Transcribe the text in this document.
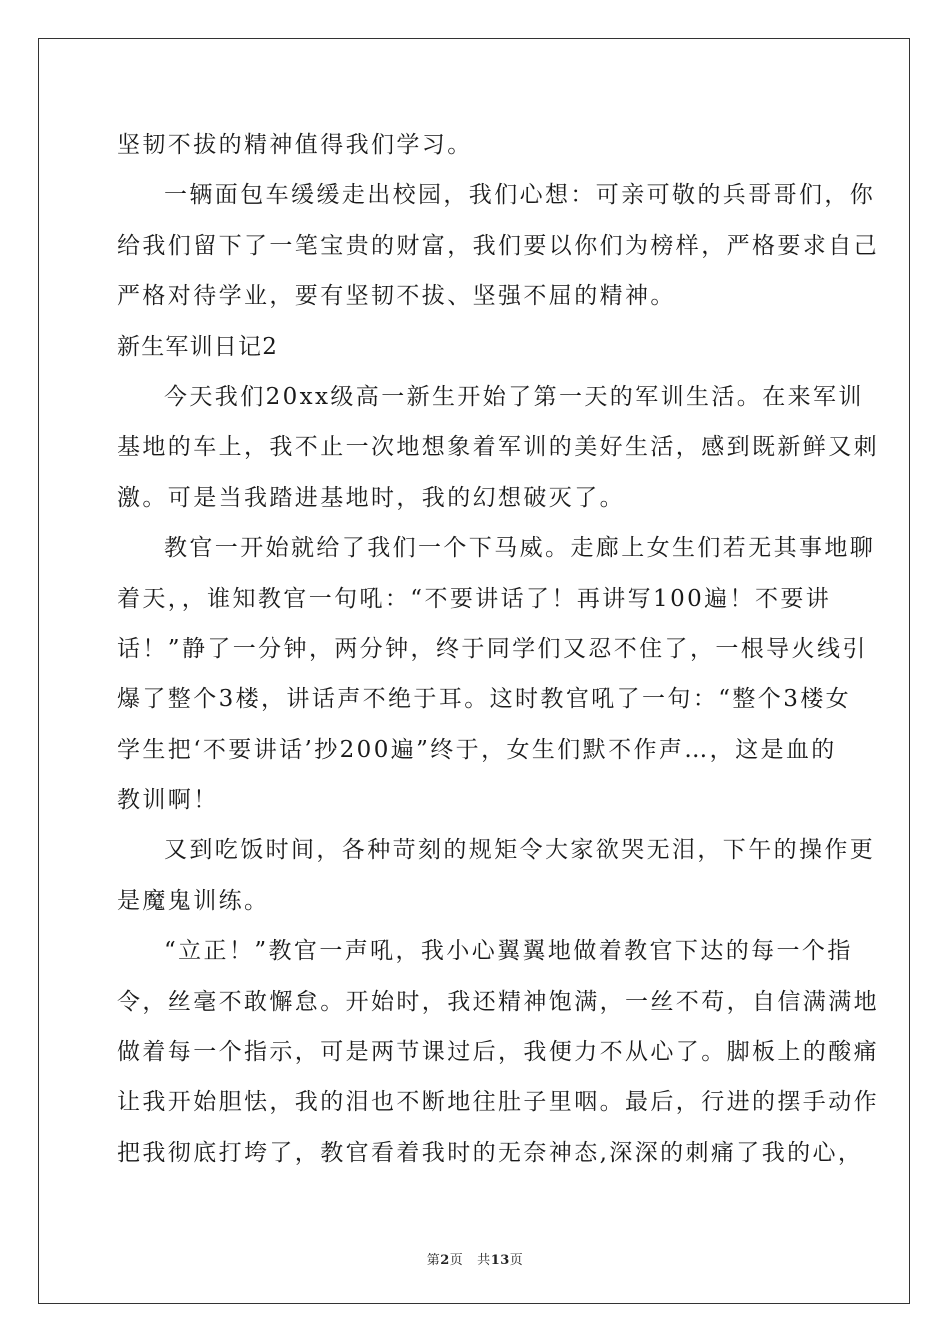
坚韧不拔的精神值得我们学习。
一辆面包车缓缓走出校园，我们心想：可亲可敬的兵哥哥们，你
给我们留下了一笔宝贵的财富，我们要以你们为榜样，严格要求自己
严格对待学业，要有坚韧不拔、坚强不屈的精神。
新生军训日记2
今天我们20xx级高一新生开始了第一天的军训生活。在来军训
基地的车上，我不止一次地想象着军训的美好生活，感到既新鲜又刺
激。可是当我踏进基地时，我的幻想破灭了。
教官一开始就给了我们一个下马威。走廊上女生们若无其事地聊
着天，，谁知教官一句吼：“不要讲话了！再讲写100遍！不要讲
话！”静了一分钟，两分钟，终于同学们又忍不住了，一根导火线引
爆了整个3楼，讲话声不绝于耳。这时教官吼了一句：“整个3楼女
学生把‘不要讲话’抄200遍”终于，女生们默不作声…，这是血的
教训啊！
又到吃饭时间，各种苛刻的规矩令大家欲哭无泪，下午的操作更
是魔鬼训练。
“立正！”教官一声吼，我小心翼翼地做着教官下达的每一个指
令，丝毫不敢懈怠。开始时，我还精神饱满，一丝不苟，自信满满地
做着每一个指示，可是两节课过后，我便力不从心了。脚板上的酸痛
让我开始胆怯，我的泪也不断地往肚子里咽。最后，行进的摆手动作
把我彻底打垮了，教官看着我时的无奈神态,深深的刺痛了我的心，
第2页 共13页
